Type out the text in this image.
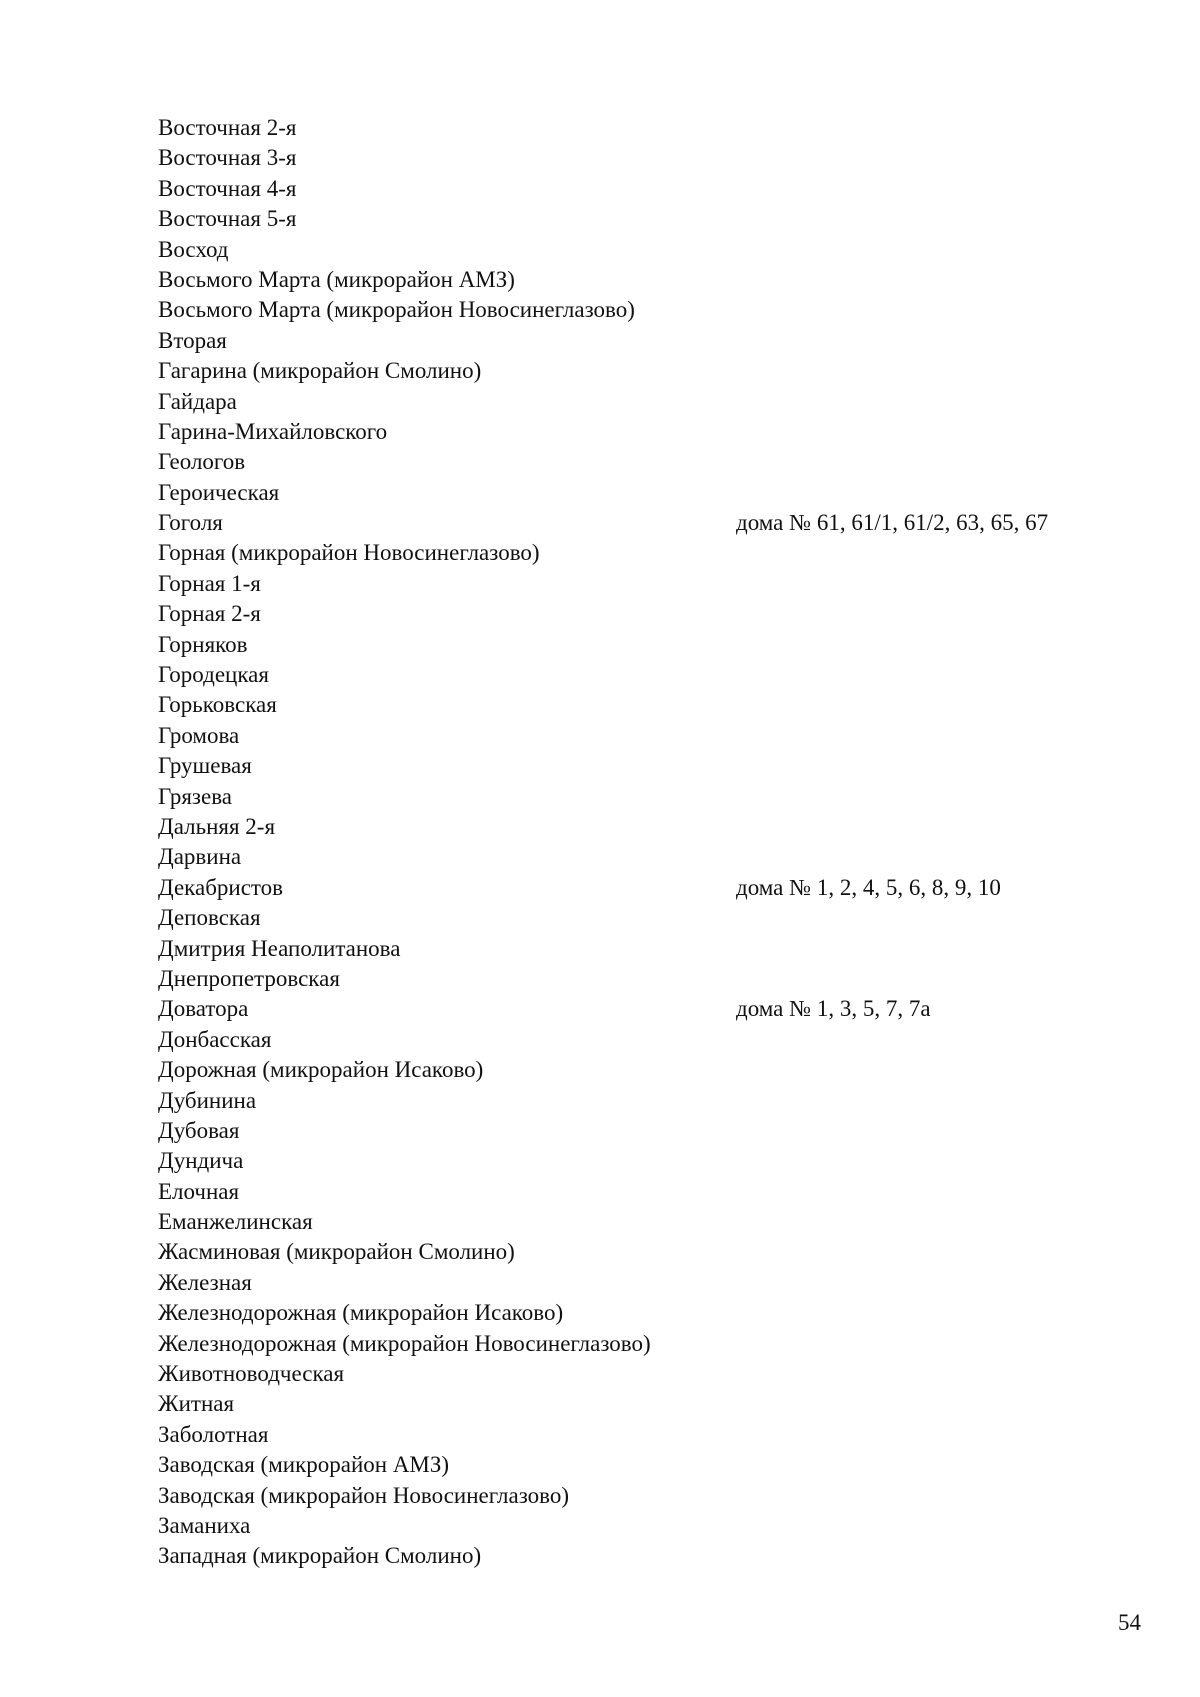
Восточная 2-я
Восточная 3-я
Восточная 4-я
Восточная 5-я
Восход
Восьмого Марта (микрорайон АМЗ)
Восьмого Марта (микрорайон Новосинеглазово)
Вторая
Гагарина (микрорайон Смолино)
Гайдара
Гарина-Михайловского
Геологов
Героическая
Гоголя	дома № 61, 61/1, 61/2, 63, 65, 67
Горная (микрорайон Новосинеглазово)
Горная 1-я
Горная 2-я
Горняков
Городецкая
Горьковская
Громова
Грушевая
Грязева
Дальняя 2-я
Дарвина
Декабристов	дома № 1, 2, 4, 5, 6, 8, 9, 10
Деповская
Дмитрия Неаполитанова
Днепропетровская
Доватора	дома № 1, 3, 5, 7, 7а
Донбасская
Дорожная (микрорайон Исаково)
Дубинина
Дубовая
Дундича
Елочная
Еманжелинская
Жасминовая (микрорайон Смолино)
Железная
Железнодорожная (микрорайон Исаково)
Железнодорожная (микрорайон Новосинеглазово)
Животноводческая
Житная
Заболотная
Заводская (микрорайон АМЗ)
Заводская (микрорайон Новосинеглазово)
Заманиха
Западная (микрорайон Смолино)
54
